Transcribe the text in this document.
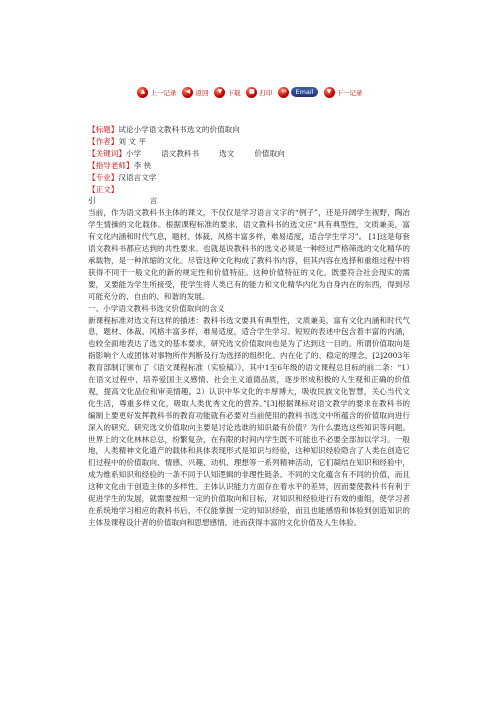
▲ 上一记录	◀ 返回	▼ 下载	■ 打印	✉	Email	▼ 下一记录
【标题】试论小学语文教科书选文的价值取向
【作者】刘 文 平
【关键词】小学	语文教科书	选文	价值取向
【指导老师】李 侠
【专业】汉语言文学
【正文】
引	言

当前，作为语文教科书主体的课文，不仅仅是学习语言文字的“例子”，还是开阔学生视野，陶冶学生情操的文化载体。根据课程标准的要求，语文教科书的选文应“具有典型性，文质兼美，富有文化内涵和时代气息，题材、体裁、风格丰富多样，难易适度，适合学生学习”。 [1]这是每套语文教科书都应达到的共性要求。也就是说教科书的选文必须是一种经过严格筛选的文化精华的承载物，是一种浓缩的文化。尽管这种文化构成了教科书内容，但其内容在选择和重组过程中将获得不同于一般文化的新的规定性和价值特征。这种价值特征的文化，既要符合社会现实的需要，又要能为学生所接受，使学生将人类已有的能力和文化精华内化为自身内在的东西，得到尽可能充分的、自由的、和谐的发展。

一、小学语文教科书选文价值取向的含义

新课程标准对选文有这样的描述：教科书选文要具有典型性，文质兼美，富有文化内涵和时代气息，题材、体裁、风格丰富多样，难易适度，适合学生学习。短短的表述中包含着丰富的内涵，也较全面地表达了选文的基本要求，研究选文价值取向也是为了达到这一目的。所谓价值取向是指影响个人或团体对事物所作判断及行为选择的组织化、内在化了的、稳定的理念。[2]2003年教育部制订颁布了《语文课程标准（实验稿）》，其中1至6年级的语文课程总目标的前二条：“1）在语文过程中，培养爱国主义感情、社会主义道德品质，逐步形成积极的人生观和正确的价值观，提高文化品位和审美情趣。2）认识中华文化的丰厚博大，吸收民族文化智慧，关心当代文化生活，尊重多样文化，吸取人类优秀文化的营养。”[3]根据课标对语文教学的要求在教科书的编制上要更好发挥教科书的教育功能就有必要对当前使用的教科书选文中所蕴含的价值取向进行深入的研究。研究选文价值取向主要是讨论选谁的知识最有价值？为什么要选这些知识等问题。世界上的文化林林总总，纷繁复杂，在有限的时间内学生既不可能也不必要全部加以学习。一般地，人类精神文化遗产的载体和具体表现形式是知识与经验，这种知识经验隐含了人类在创造它们过程中的价值取向、情感、兴趣、动机、理想等一系列精神活动，它们凝结在知识和经验中，成为维系知识和经验的一条不同于认知逻辑的非理性链条。不同的文化蕴含有不同的价值，而且这种文化由于创造主体的多样性、主体认识能力方面存在着水平的差异，因而要使教科书有利于促进学生的发展，就需要按照一定的价值取向和目标，对知识和经验进行有效的重组，使学习者在系统地学习相应的教科书后，不仅能掌握一定的知识经验，而且也能感悟和体验到创造知识的主体及课程设计者的价值取向和思想感情，进而获得丰富的文化价值及人生体验。
